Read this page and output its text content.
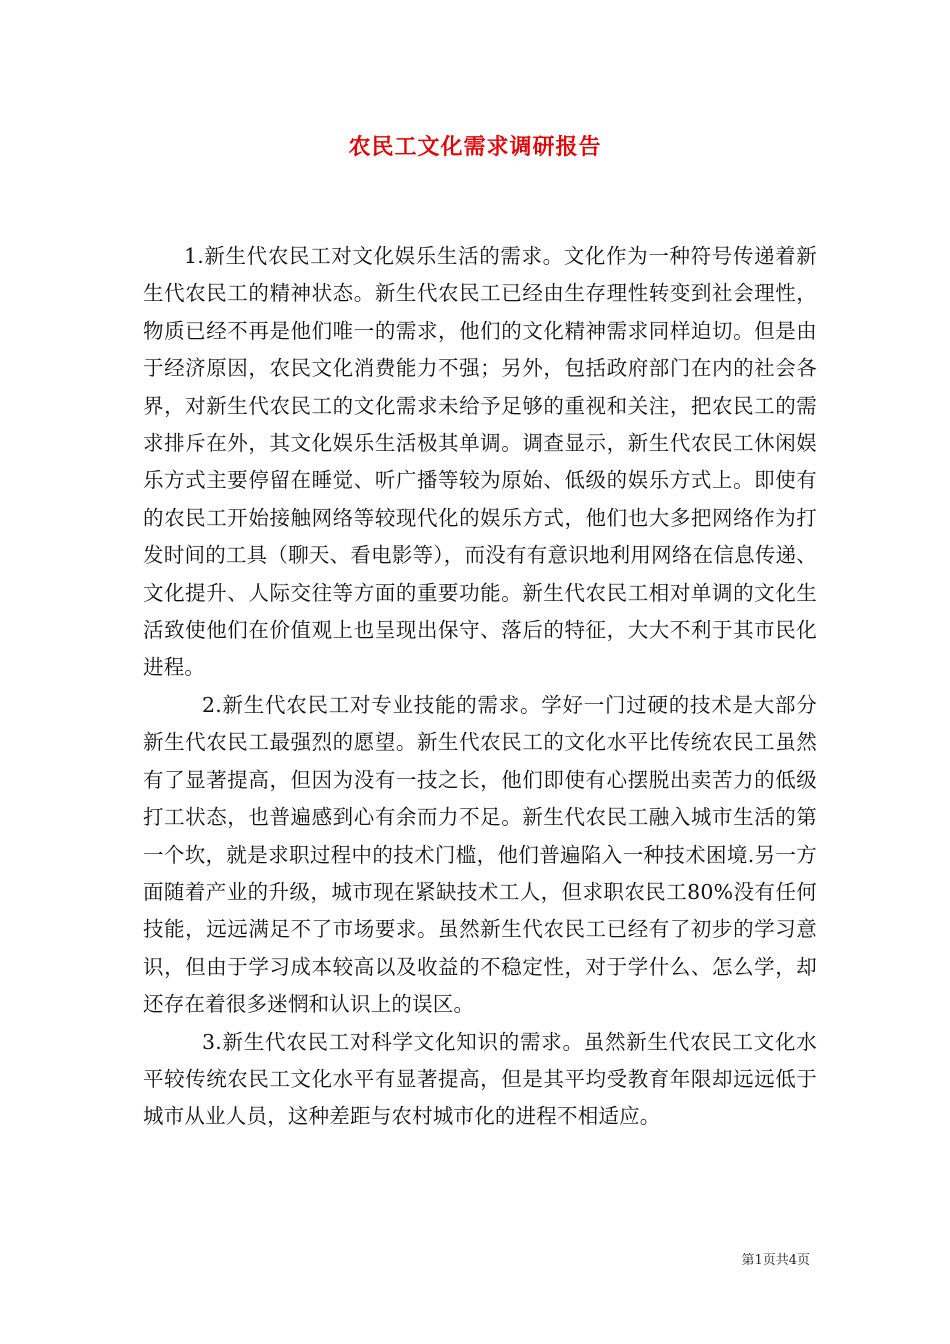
农民工文化需求调研报告

1.新生代农民工对文化娱乐生活的需求。文化作为一种符号传递着新生代农民工的精神状态。新生代农民工已经由生存理性转变到社会理性，物质已经不再是他们唯一的需求，他们的文化精神需求同样迫切。但是由于经济原因，农民文化消费能力不强；另外，包括政府部门在内的社会各界，对新生代农民工的文化需求未给予足够的重视和关注，把农民工的需求排斥在外，其文化娱乐生活极其单调。调查显示，新生代农民工休闲娱乐方式主要停留在睡觉、听广播等较为原始、低级的娱乐方式上。即使有的农民工开始接触网络等较现代化的娱乐方式，他们也大多把网络作为打发时间的工具（聊天、看电影等），而没有有意识地利用网络在信息传递、文化提升、人际交往等方面的重要功能。新生代农民工相对单调的文化生活致使他们在价值观上也呈现出保守、落后的特征，大大不利于其市民化进程。

2.新生代农民工对专业技能的需求。学好一门过硬的技术是大部分新生代农民工最强烈的愿望。新生代农民工的文化水平比传统农民工虽然有了显著提高，但因为没有一技之长，他们即使有心摆脱出卖苦力的低级打工状态，也普遍感到心有余而力不足。新生代农民工融入城市生活的第一个坎，就是求职过程中的技术门槛，他们普遍陷入一种技术困境.另一方面随着产业的升级，城市现在紧缺技术工人，但求职农民工80%没有任何技能，远远满足不了市场要求。虽然新生代农民工已经有了初步的学习意识，但由于学习成本较高以及收益的不稳定性，对于学什么、怎么学，却还存在着很多迷惘和认识上的误区。

3.新生代农民工对科学文化知识的需求。虽然新生代农民工文化水平较传统农民工文化水平有显著提高，但是其平均受教育年限却远远低于城市从业人员，这种差距与农村城市化的进程不相适应。

第1页共4页
